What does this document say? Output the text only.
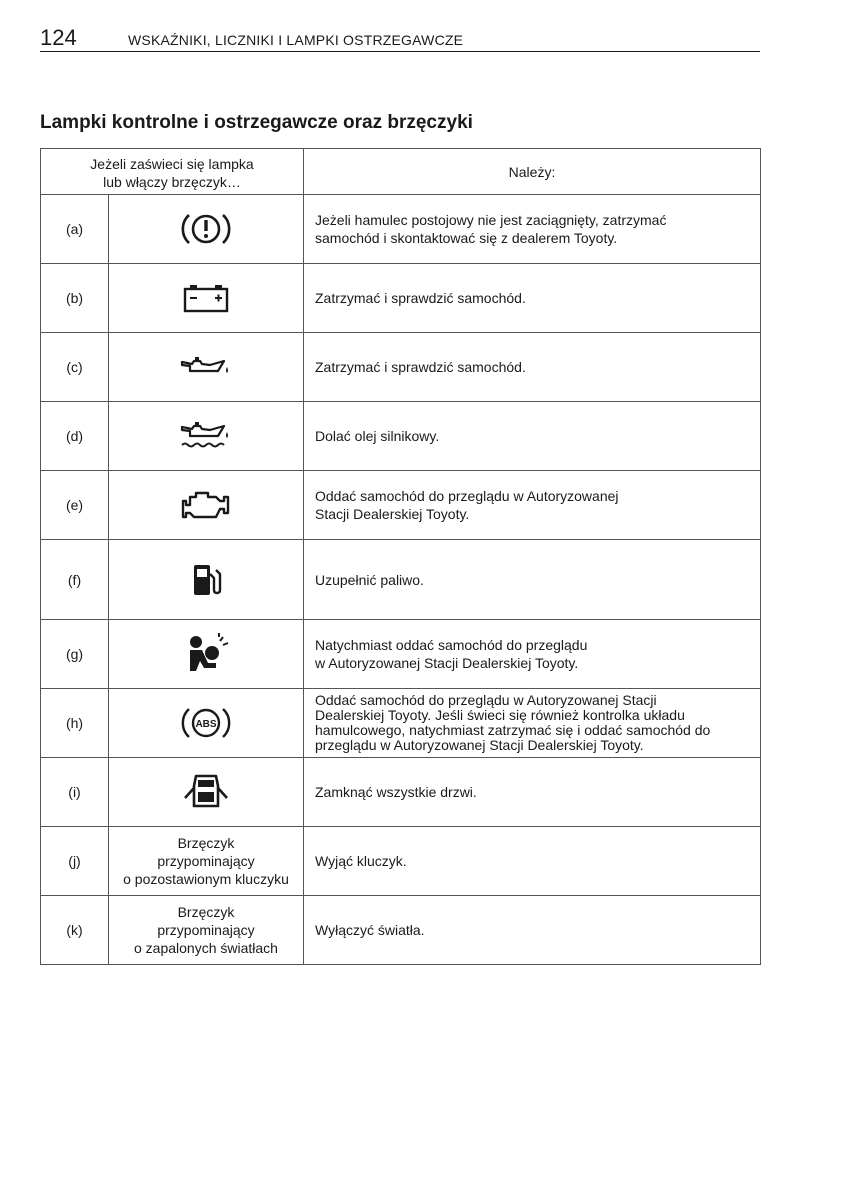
124	WSKAŹNIKI, LICZNIKI I LAMPKI OSTRZEGAWCZE
Lampki kontrolne i ostrzegawcze oraz brzęczyki
Jeżeli zaświeci się lampka
lub włączy brzęczyk…		Należy:
(a)		Jeżeli hamulec postojowy nie jest zaciągnięty, zatrzymać
samochód i skontaktować się z dealerem Toyoty.

(b)		Zatrzymać i sprawdzić samochód.
(c)		Zatrzymać i sprawdzić samochód.
(d)		Dolać olej silnikowy.
(e)		Oddać samochód do przeglądu w Autoryzowanej
Stacji Dealerskiej Toyoty.

(f)		Uzupełnić paliwo.
(g)		Natychmiast oddać samochód do przeglądu
w Autoryzowanej Stacji Dealerskiej Toyoty.

(h)	ABS	Oddać samochód do przeglądu w Autoryzowanej Stacji
Dealerskiej Toyoty. Jeśli świeci się również kontrolka układu
hamulcowego, natychmiast zatrzymać się i oddać samochód do
przeglądu w Autoryzowanej Stacji Dealerskiej Toyoty.

(i)		Zamknąć wszystkie drzwi.
(j)	Brzęczyk
przypominający
o pozostawionym kluczyku	Wyjąć kluczyk.
(k)	Brzęczyk
przypominający
o zapalonych światłach	Wyłączyć światła.
